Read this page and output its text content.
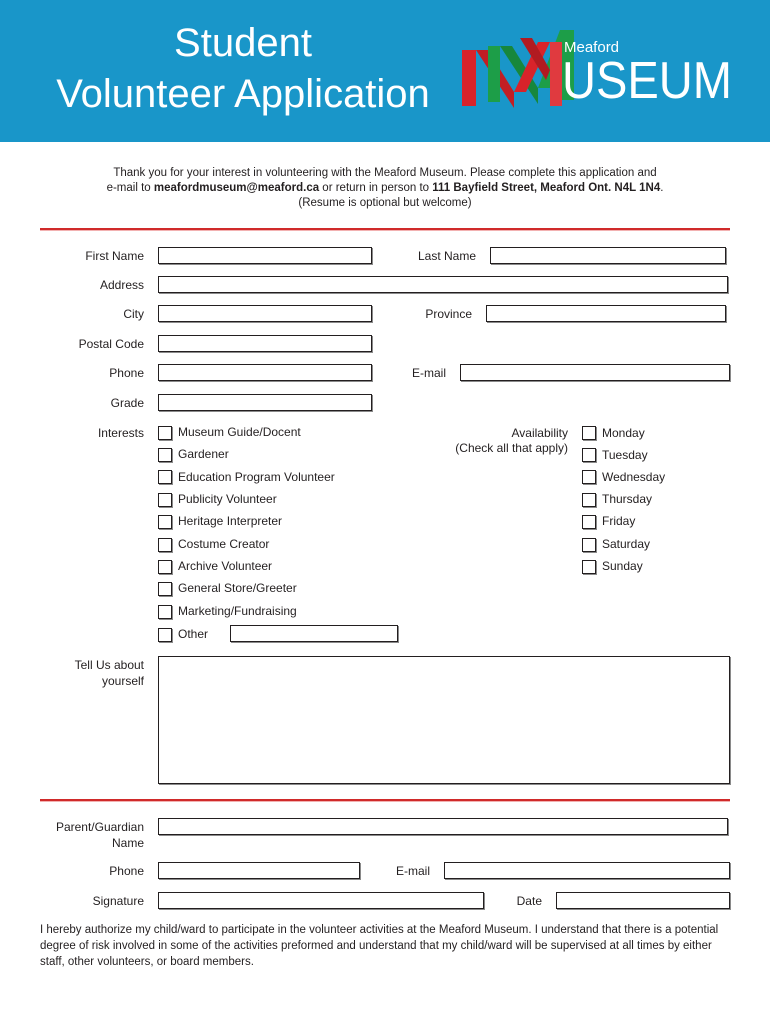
Student
Volunteer Application
Meaford
USEUM
Thank you for your interest in volunteering with the Meaford Museum. Please complete this application and
e-mail to meafordmuseum@meaford.ca or return in person to 111 Bayfield Street, Meaford Ont. N4L 1N4.
(Resume is optional but welcome)
First Name	Last Name
Address
City	Province
Postal Code
Phone	E-mail
Grade
Interests	Museum Guide/Docent
Gardener
Education Program Volunteer
Publicity Volunteer
Heritage Interpreter
Costume Creator
Archive Volunteer
General Store/Greeter
Marketing/Fundraising
Other
Availability
(Check all that apply)
Monday
Tuesday
Wednesday
Thursday
Friday
Saturday
Sunday
Tell Us about
yourself
Parent/Guardian
Name
Phone	E-mail
Signature	Date
I hereby authorize my child/ward to participate in the volunteer activities at the Meaford Museum. I understand that there is a potential degree of risk involved in some of the activities preformed and understand that my child/ward will be supervised at all times by either staff, other volunteers, or board members.
